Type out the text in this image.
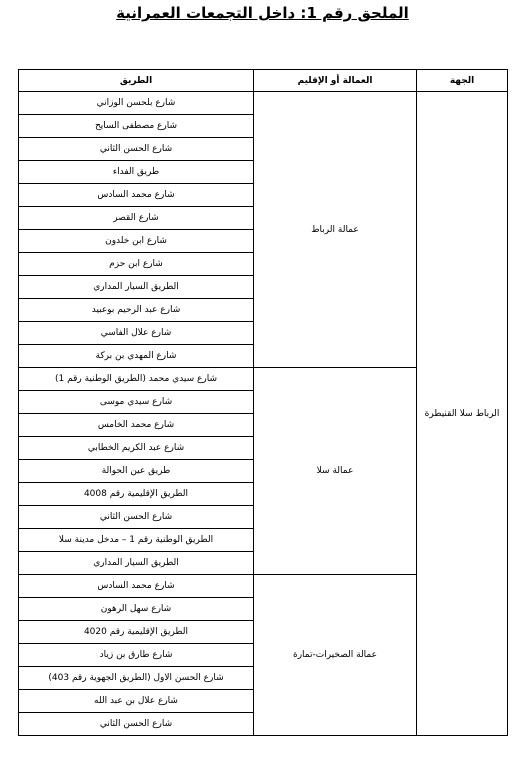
الملحق رقم 1: داخل التجمعات العمرانية
الجهة	العمالة أو الإقليم	الطريق
الرباط سلا القنيطرة	عمالة الرباط	شارع بلحسن الوزاني
		شارع مصطفى السايح
		شارع الحسن الثاني
		طريق الفداء
		شارع محمد السادس
		شارع القصر
		شارع ابن خلدون
		شارع ابن حزم
		الطريق السيار المداري
		شارع عبد الرحيم بوعبيد
		شارع علال الفاسي
		شارع المهدي بن بركة
	عمالة سلا	شارع سيدي محمد (الطريق الوطنية رقم 1)
		شارع سيدي موسى
		شارع محمد الخامس
		شارع عبد الكريم الخطابي
		طريق عين الحوالة
		الطريق الإقليمية رقم 4008
		شارع الحسن الثاني
		الطريق الوطنية رقم 1 – مدخل مدينة سلا
		الطريق السيار المداري
	عمالة الصخيرات-تمارة	شارع محمد السادس
		شارع سهل الرهون
		الطريق الإقليمية رقم 4020
		شارع طارق بن زياد
		شارع الحسن الاول (الطريق الجهوية رقم 403)
		شارع علال بن عبد الله
		شارع الحسن الثاني
